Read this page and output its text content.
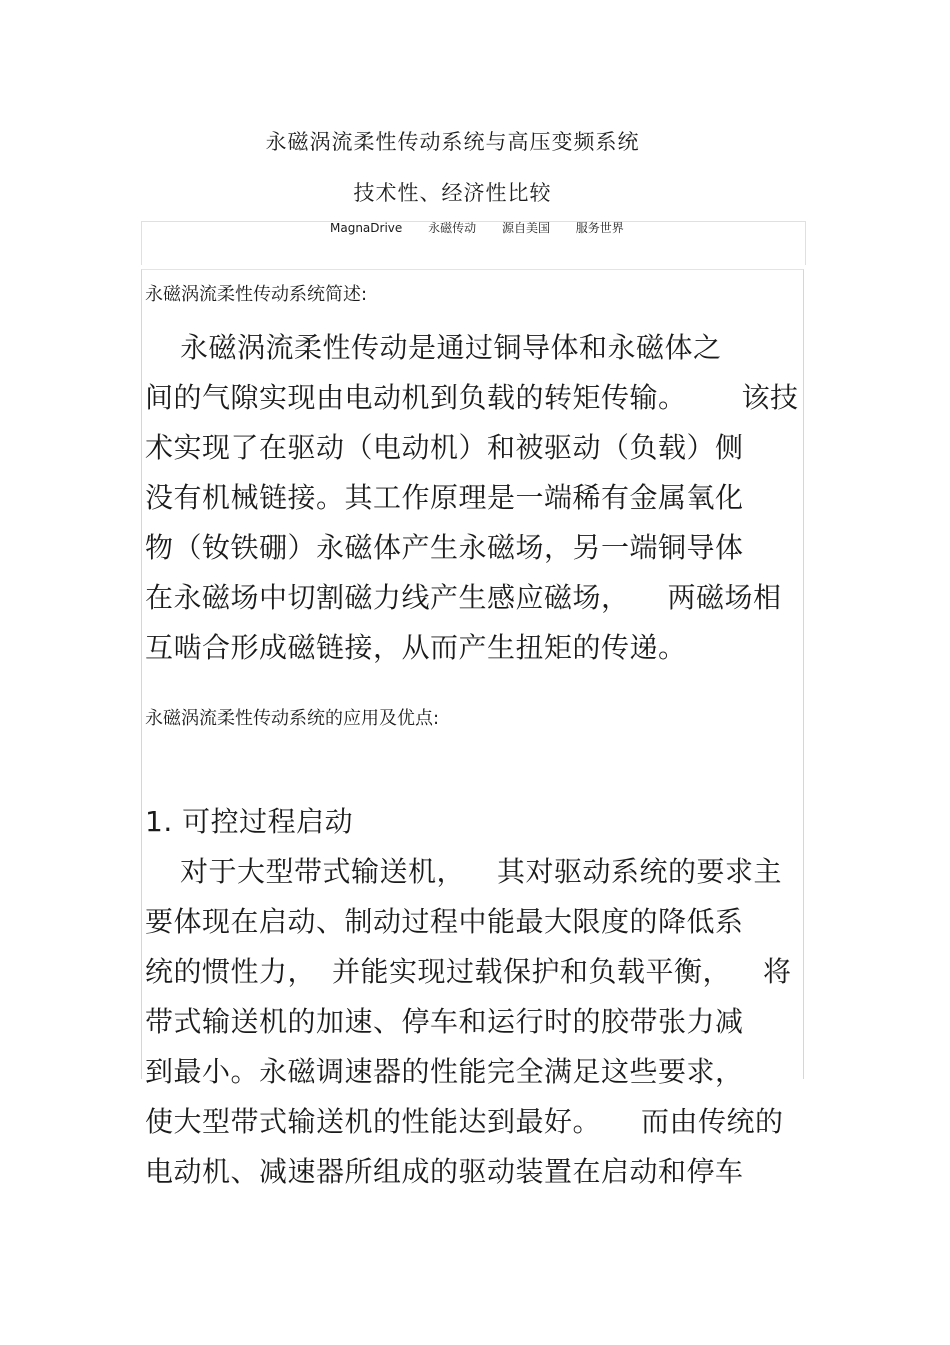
永磁涡流柔性传动系统与高压变频系统
技术性、经济性比较
MagnaDrive 永磁传动 源自美国 服务世界
永磁涡流柔性传动系统简述:
永磁涡流柔性传动是通过铜导体和永磁体之
间的气隙实现由电动机到负载的转矩传输。 该技
术实现了在驱动（电动机）和被驱动（负载）侧
没有机械链接。其工作原理是一端稀有金属氧化
物（钕铁硼）永磁体产生永磁场，另一端铜导体
在永磁场中切割磁力线产生感应磁场， 两磁场相
互啮合形成磁链接，从而产生扭矩的传递。
永磁涡流柔性传动系统的应用及优点:
1. 可控过程启动
对于大型带式输送机， 其对驱动系统的要求主
要体现在启动、制动过程中能最大限度的降低系
统的惯性力， 并能实现过载保护和负载平衡， 将
带式输送机的加速、停车和运行时的胶带张力减
到最小。永磁调速器的性能完全满足这些要求，
使大型带式输送机的性能达到最好。 而由传统的
电动机、减速器所组成的驱动装置在启动和停车
